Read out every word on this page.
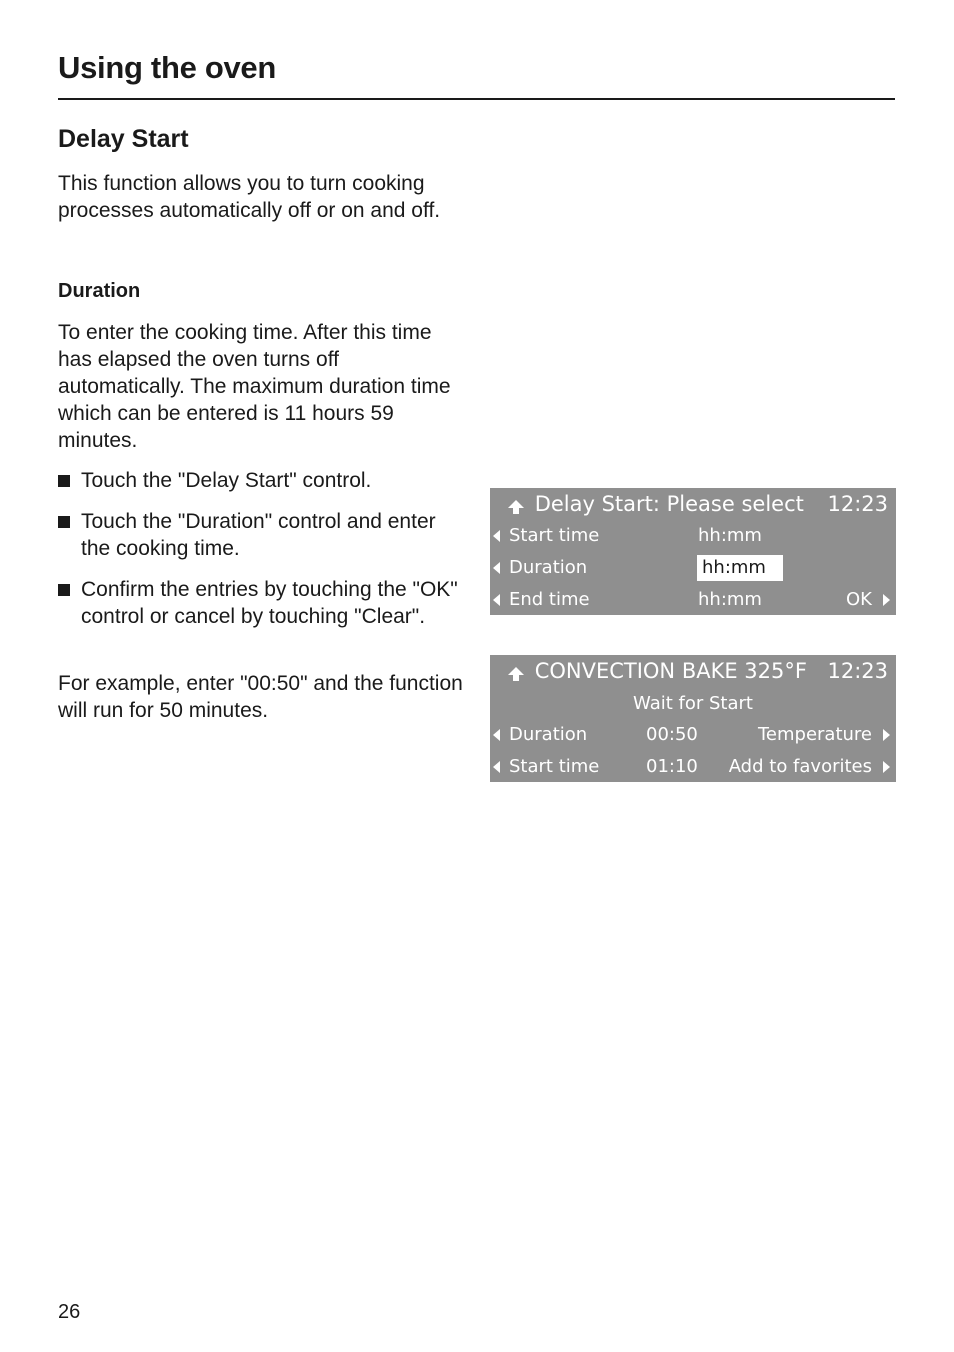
Using the oven
Delay Start
This function allows you to turn cooking processes automatically off or on and off.
Duration
To enter the cooking time. After this time has elapsed the oven turns off automatically. The maximum duration time which can be entered is 11 hours 59 minutes.
Touch the "Delay Start" control.
Touch the "Duration" control and enter the cooking time.
Confirm the entries by touching the "OK" control or cancel by touching "Clear".
For example, enter "00:50" and the function will run for 50 minutes.
Delay Start: Please select	12:23
Start time	hh:mm
Duration	hh:mm
End time	hh:mm	OK
CONVECTION BAKE 325°F 12:23
Wait for Start
Duration	00:50	Temperature
Start time	01:10 Add to favorites
26
